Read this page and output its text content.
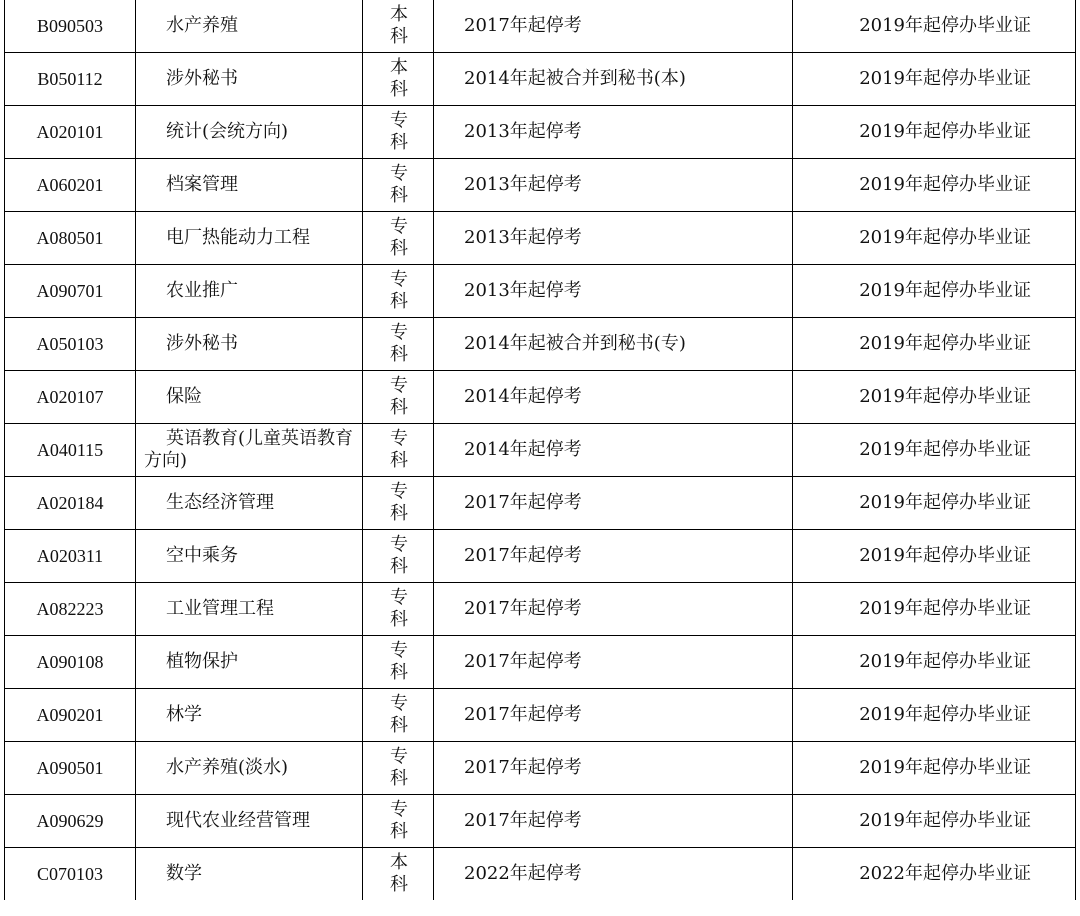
B090503	水产养殖	本科	2017年起停考	2019年起停办毕业证
B050112	涉外秘书	本科	2014年起被合并到秘书(本)	2019年起停办毕业证
A020101	统计(会统方向)	专科	2013年起停考	2019年起停办毕业证
A060201	档案管理	专科	2013年起停考	2019年起停办毕业证
A080501	电厂热能动力工程	专科	2013年起停考	2019年起停办毕业证
A090701	农业推广	专科	2013年起停考	2019年起停办毕业证
A050103	涉外秘书	专科	2014年起被合并到秘书(专)	2019年起停办毕业证
A020107	保险	专科	2014年起停考	2019年起停办毕业证
A040115	英语教育(儿童英语教育方向)	专科	2014年起停考	2019年起停办毕业证
A020184	生态经济管理	专科	2017年起停考	2019年起停办毕业证
A020311	空中乘务	专科	2017年起停考	2019年起停办毕业证
A082223	工业管理工程	专科	2017年起停考	2019年起停办毕业证
A090108	植物保护	专科	2017年起停考	2019年起停办毕业证
A090201	林学	专科	2017年起停考	2019年起停办毕业证
A090501	水产养殖(淡水)	专科	2017年起停考	2019年起停办毕业证
A090629	现代农业经营管理	专科	2017年起停考	2019年起停办毕业证
C070103	数学	本科	2022年起停考	2022年起停办毕业证
